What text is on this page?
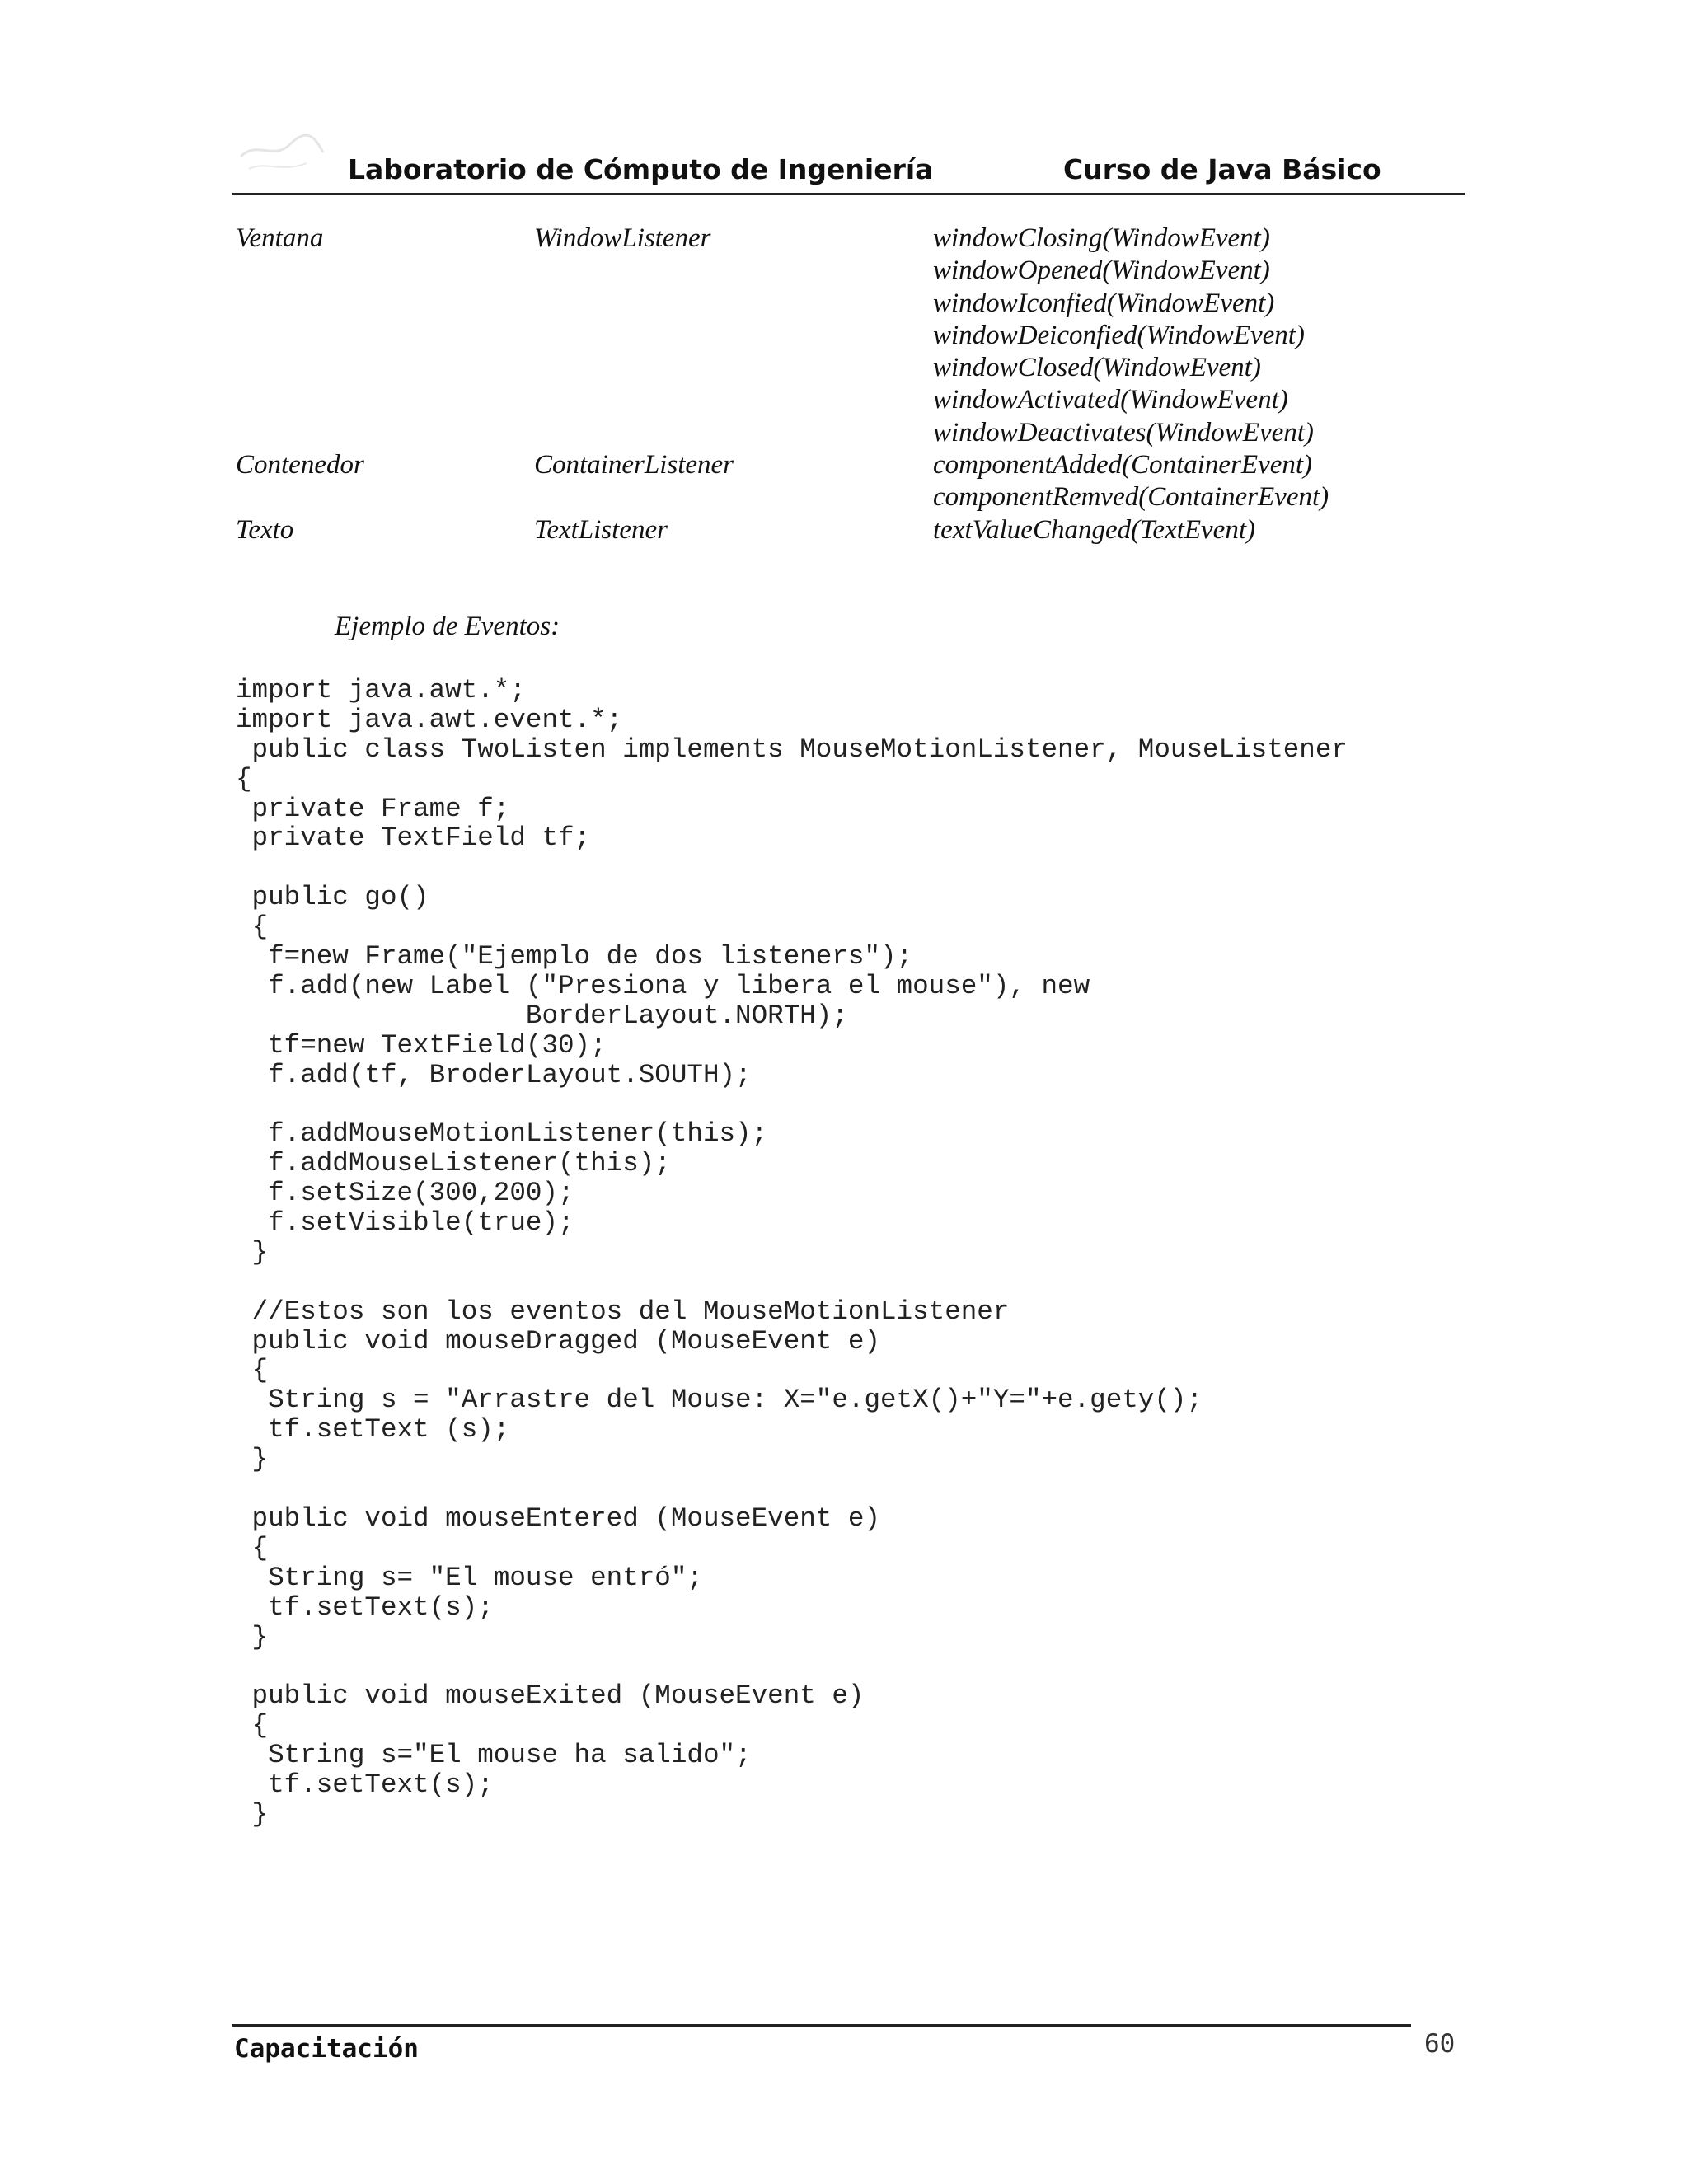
Laboratorio de Cómputo de Ingeniería	Curso de Java Básico
Ventana	WindowListener	windowClosing(WindowEvent)
windowOpened(WindowEvent)
windowIconfied(WindowEvent)
windowDeiconfied(WindowEvent)
windowClosed(WindowEvent)
windowActivated(WindowEvent)
windowDeactivates(WindowEvent)
Contenedor	ContainerListener	componentAdded(ContainerEvent)
componentRemved(ContainerEvent)
Texto	TextListener	textValueChanged(TextEvent)
Ejemplo de Eventos:
import java.awt.*;
import java.awt.event.*;
public class TwoListen implements MouseMotionListener, MouseListener
{
private Frame f;
private TextField tf;
public go()
{
f=new Frame("Ejemplo de dos listeners");
f.add(new Label ("Presiona y libera el mouse"), new
BorderLayout.NORTH);
tf=new TextField(30);
f.add(tf, BroderLayout.SOUTH);
f.addMouseMotionListener(this);
f.addMouseListener(this);
f.setSize(300,200);
f.setVisible(true);
}
//Estos son los eventos del MouseMotionListener
public void mouseDragged (MouseEvent e)
{
String s = "Arrastre del Mouse: X="e.getX()+"Y="+e.gety();
tf.setText (s);
}
public void mouseEntered (MouseEvent e)
{
String s= "El mouse entró";
tf.setText(s);
}
public void mouseExited (MouseEvent e)
{
String s="El mouse ha salido";
tf.setText(s);
}
Capacitación	60
